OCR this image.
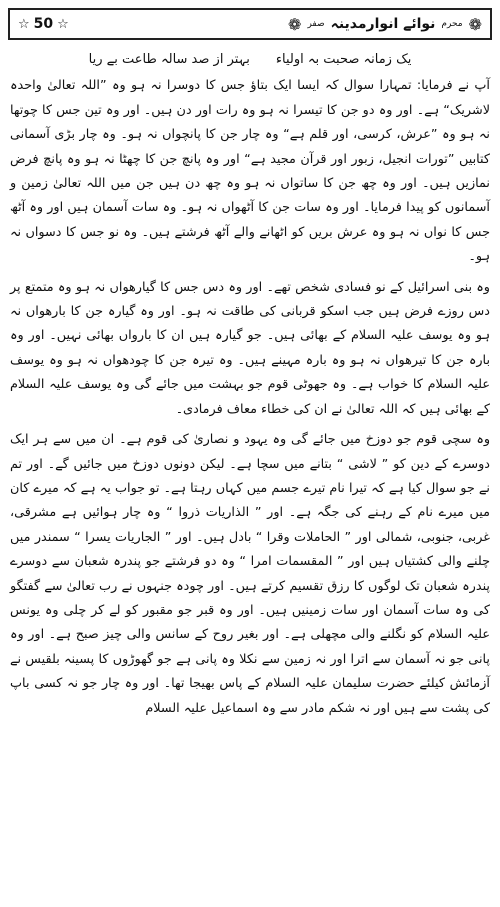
☆ 50 ☆	❁
محرم
نوائے انوارمدینہ
صفر
❁
یک زمانہ صحبت بہ اولیاء
بہتر از صد سالہ طاعت بے ریا

آپ نے فرمایا: تمہارا سوال کہ ایسا ایک بتاؤ جس کا دوسرا نہ ہو وہ ”اللہ تعالیٰ واحدہ لاشریک“ ہے۔ اور وہ دو جن کا تیسرا نہ ہو وہ رات اور دن ہیں۔ اور وہ تین جس کا چوتھا نہ ہو وہ ”عرش، کرسی، اور قلم ہے“ وہ چار جن کا پانچواں نہ ہو۔ وہ چار بڑی آسمانی کتابیں ”تورات انجیل، زبور اور قرآن مجید ہے“ اور وہ پانچ جن کا چھٹا نہ ہو وہ پانچ فرض نمازیں ہیں۔ اور وہ چھ جن کا ساتواں نہ ہو وہ چھ دن ہیں جن میں اللہ تعالیٰ زمین و آسمانوں کو پیدا فرمایا۔ اور وہ سات جن کا آٹھواں نہ ہو۔ وہ سات آسمان ہیں اور وہ آٹھ جس کا نواں نہ ہو وہ عرش بریں کو اٹھانے والے آٹھ فرشتے ہیں۔ وہ نو جس کا دسواں نہ ہو۔

وہ بنی اسرائیل کے نو فسادی شخص تھے۔ اور وہ دس جس کا گیارھواں نہ ہو وہ متمتع پر دس روزے فرض ہیں جب اسکو قربانی کی طاقت نہ ہو۔ اور وہ گیارہ جن کا بارھواں نہ ہو وہ یوسف علیہ السلام کے بھائی ہیں۔ جو گیارہ ہیں ان کا بارواں بھائی نہیں۔ اور وہ بارہ جن کا تیرھواں نہ ہو وہ بارہ مہینے ہیں۔ وہ تیرہ جن کا چودھواں نہ ہو وہ یوسف علیہ السلام کا خواب ہے۔ وہ جھوٹی قوم جو بہشت میں جائے گی وہ یوسف علیہ السلام کے بھائی ہیں کہ اللہ تعالیٰ نے ان کی خطاء معاف فرمادی۔

وہ سچی قوم جو دوزخ میں جائے گی وہ یہود و نصاریٰ کی قوم ہے۔ ان میں سے ہر ایک دوسرے کے دین کو ” لاشی “ بتانے میں سچا ہے۔ لیکن دونوں دوزخ میں جائیں گے۔ اور تم نے جو سوال کیا ہے کہ تیرا نام تیرے جسم میں کہاں رہتا ہے۔ تو جواب یہ ہے کہ میرے کان میں میرے نام کے رہنے کی جگہ ہے۔ اور ” الذاریات ذروا “ وہ چار ہوائیں ہے مشرقی، غربی، جنوبی، شمالی اور ” الحاملات وقرا “ بادل ہیں۔ اور ” الجاریات یسرا “ سمندر میں چلنے والی کشتیاں ہیں اور ” المقسمات امرا “ وہ دو فرشتے جو پندرہ شعبان سے دوسرے پندرہ شعبان تک لوگوں کا رزق تقسیم کرتے ہیں۔ اور چودہ جنہوں نے رب تعالیٰ سے گفتگو کی وہ سات آسمان اور سات زمینیں ہیں۔ اور وہ قبر جو مقبور کو لے کر چلی وہ یونس علیہ السلام کو نگلنے والی مچھلی ہے۔ اور بغیر روح کے سانس والی چیز صبح ہے۔ اور وہ پانی جو نہ آسمان سے اترا اور نہ زمین سے نکلا وہ پانی ہے جو گھوڑوں کا پسینہ بلقیس نے آزمائش کیلئے حضرت سلیمان علیہ السلام کے پاس بھیجا تھا۔ اور وہ چار جو نہ کسی باپ کی پشت سے ہیں اور نہ شکم مادر سے وہ اسماعیل علیہ السلام
